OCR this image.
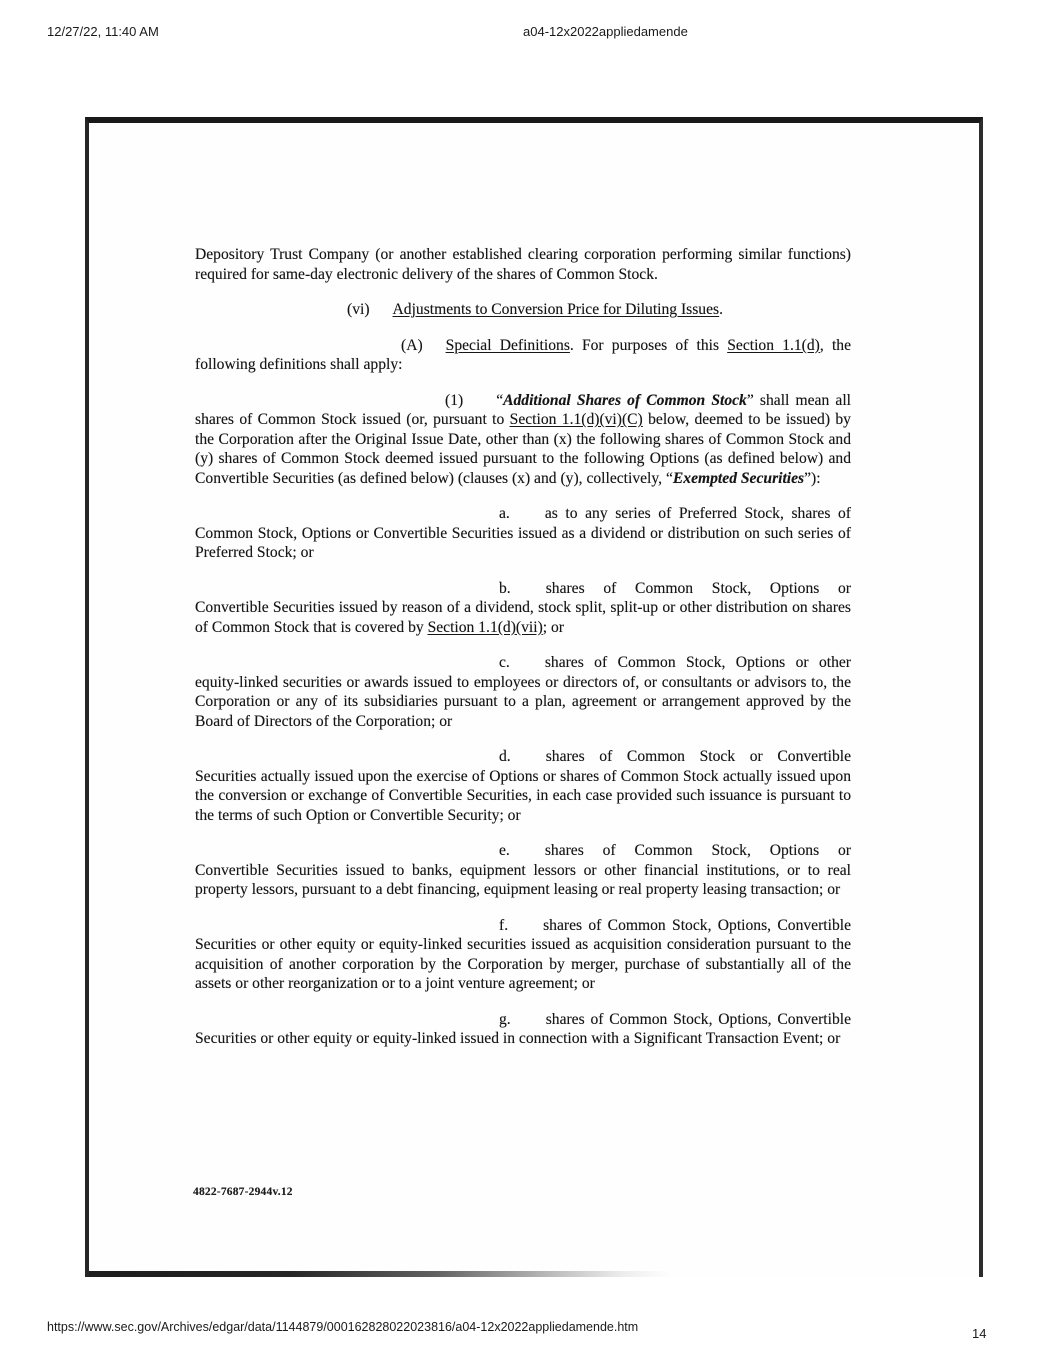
12/27/22, 11:40 AM	a04-12x2022appliedamende

Depository Trust Company (or another established clearing corporation performing similar functions) required for same-day electronic delivery of the shares of Common Stock.

(vi) Adjustments to Conversion Price for Diluting Issues.

(A) Special Definitions. For purposes of this Section 1.1(d), the following definitions shall apply:

(1) “Additional Shares of Common Stock” shall mean all shares of Common Stock issued (or, pursuant to Section 1.1(d)(vi)(C) below, deemed to be issued) by the Corporation after the Original Issue Date, other than (x) the following shares of Common Stock and (y) shares of Common Stock deemed issued pursuant to the following Options (as defined below) and Convertible Securities (as defined below) (clauses (x) and (y), collectively, “Exempted Securities”):

a. as to any series of Preferred Stock, shares of Common Stock, Options or Convertible Securities issued as a dividend or distribution on such series of Preferred Stock; or

b. shares of Common Stock, Options or Convertible Securities issued by reason of a dividend, stock split, split-up or other distribution on shares of Common Stock that is covered by Section 1.1(d)(vii); or

c. shares of Common Stock, Options or other equity-linked securities or awards issued to employees or directors of, or consultants or advisors to, the Corporation or any of its subsidiaries pursuant to a plan, agreement or arrangement approved by the Board of Directors of the Corporation; or

d. shares of Common Stock or Convertible Securities actually issued upon the exercise of Options or shares of Common Stock actually issued upon the conversion or exchange of Convertible Securities, in each case provided such issuance is pursuant to the terms of such Option or Convertible Security; or

e. shares of Common Stock, Options or Convertible Securities issued to banks, equipment lessors or other financial institutions, or to real property lessors, pursuant to a debt financing, equipment leasing or real property leasing transaction; or

f. shares of Common Stock, Options, Convertible Securities or other equity or equity-linked securities issued as acquisition consideration pursuant to the acquisition of another corporation by the Corporation by merger, purchase of substantially all of the assets or other reorganization or to a joint venture agreement; or

g. shares of Common Stock, Options, Convertible Securities or other equity or equity-linked issued in connection with a Significant Transaction Event; or

4822-7687-2944v.12
https://www.sec.gov/Archives/edgar/data/1144879/000162828022023816/a04-12x2022appliedamende.htm	14
